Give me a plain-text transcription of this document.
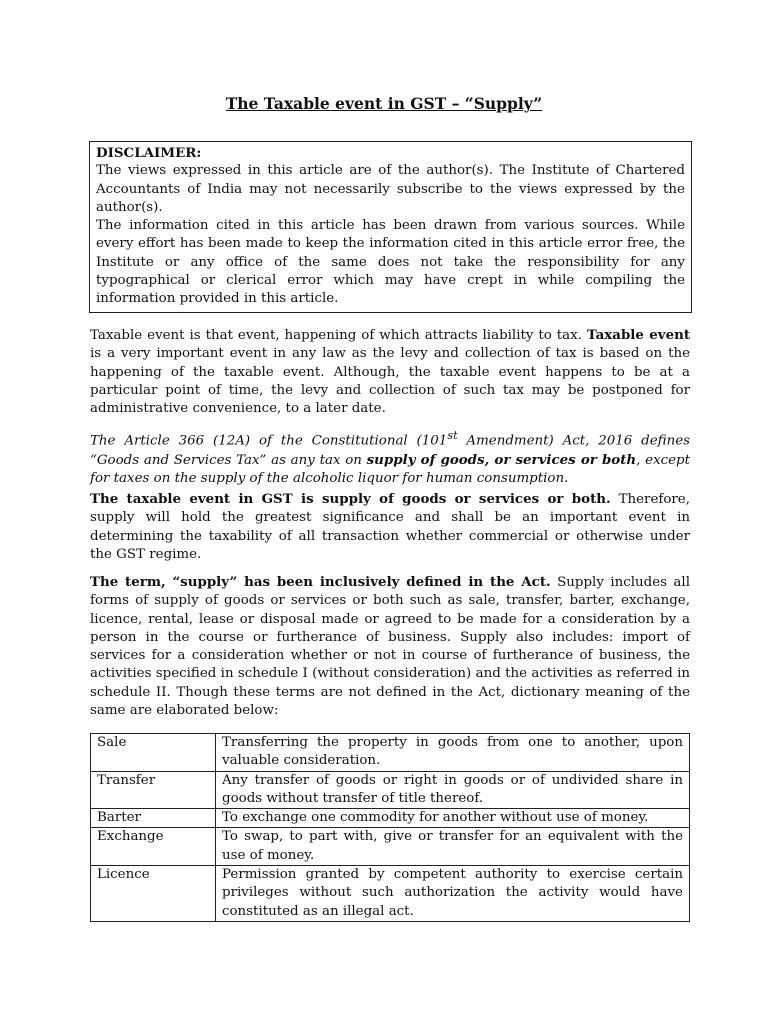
The Taxable event in GST – “Supply”

DISCLAIMER:

The views expressed in this article are of the author(s). The Institute of Chartered Accountants of India may not necessarily subscribe to the views expressed by the author(s).

The information cited in this article has been drawn from various sources. While every effort has been made to keep the information cited in this article error free, the Institute or any office of the same does not take the responsibility for any typographical or clerical error which may have crept in while compiling the information provided in this article.

Taxable event is that event, happening of which attracts liability to tax. Taxable event is a very important event in any law as the levy and collection of tax is based on the happening of the taxable event. Although, the taxable event happens to be at a particular point of time, the levy and collection of such tax may be postponed for administrative convenience, to a later date.

The Article 366 (12A) of the Constitutional (101st Amendment) Act, 2016 defines “Goods and Services Tax” as any tax on supply of goods, or services or both, except for taxes on the supply of the alcoholic liquor for human consumption.

The taxable event in GST is supply of goods or services or both. Therefore, supply will hold the greatest significance and shall be an important event in determining the taxability of all transaction whether commercial or otherwise under the GST regime.

The term, “supply” has been inclusively defined in the Act. Supply includes all forms of supply of goods or services or both such as sale, transfer, barter, exchange, licence, rental, lease or disposal made or agreed to be made for a consideration by a person in the course or furtherance of business. Supply also includes: import of services for a consideration whether or not in course of furtherance of business, the activities specified in schedule I (without consideration) and the activities as referred in schedule II. Though these terms are not defined in the Act, dictionary meaning of the same are elaborated below:

Sale	Transferring the property in goods from one to another, upon valuable consideration.
Transfer	Any transfer of goods or right in goods or of undivided share in goods without transfer of title thereof.
Barter	To exchange one commodity for another without use of money.
Exchange	To swap, to part with, give or transfer for an equivalent with the use of money.
Licence	Permission granted by competent authority to exercise certain privileges without such authorization the activity would have constituted as an illegal act.
